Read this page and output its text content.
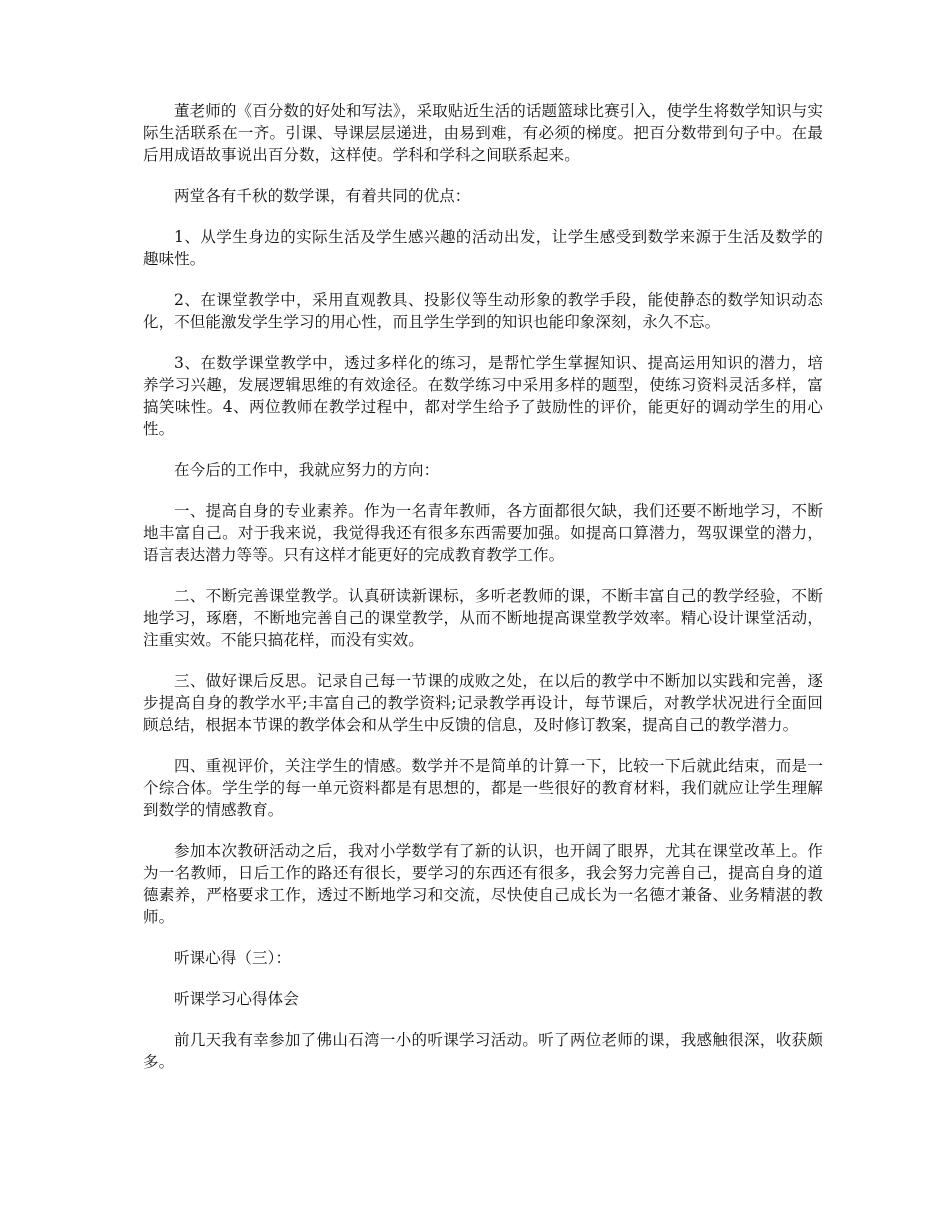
董老师的《百分数的好处和写法》，采取贴近生活的话题篮球比赛引入，使学生将数学知识与实际生活联系在一齐。引课、导课层层递进，由易到难，有必须的梯度。把百分数带到句子中。在最后用成语故事说出百分数，这样使。学科和学科之间联系起来。

两堂各有千秋的数学课，有着共同的优点：

1、从学生身边的实际生活及学生感兴趣的活动出发，让学生感受到数学来源于生活及数学的趣味性。

2、在课堂教学中，采用直观教具、投影仪等生动形象的教学手段，能使静态的数学知识动态化，不但能激发学生学习的用心性，而且学生学到的知识也能印象深刻，永久不忘。

3、在数学课堂教学中，透过多样化的练习，是帮忙学生掌握知识、提高运用知识的潜力，培养学习兴趣，发展逻辑思维的有效途径。在数学练习中采用多样的题型，使练习资料灵活多样，富搞笑味性。4、两位教师在教学过程中，都对学生给予了鼓励性的评价，能更好的调动学生的用心性。

在今后的工作中，我就应努力的方向：

一、提高自身的专业素养。作为一名青年教师，各方面都很欠缺，我们还要不断地学习，不断地丰富自己。对于我来说，我觉得我还有很多东西需要加强。如提高口算潜力，驾驭课堂的潜力，语言表达潜力等等。只有这样才能更好的完成教育教学工作。

二、不断完善课堂教学。认真研读新课标，多听老教师的课，不断丰富自己的教学经验，不断地学习，琢磨，不断地完善自己的课堂教学，从而不断地提高课堂教学效率。精心设计课堂活动，注重实效。不能只搞花样，而没有实效。

三、做好课后反思。记录自己每一节课的成败之处，在以后的教学中不断加以实践和完善，逐步提高自身的教学水平;丰富自己的教学资料;记录教学再设计，每节课后，对教学状况进行全面回顾总结，根据本节课的教学体会和从学生中反馈的信息，及时修订教案，提高自己的教学潜力。

四、重视评价，关注学生的情感。数学并不是简单的计算一下，比较一下后就此结束，而是一个综合体。学生学的每一单元资料都是有思想的，都是一些很好的教育材料，我们就应让学生理解到数学的情感教育。

参加本次教研活动之后，我对小学数学有了新的认识，也开阔了眼界，尤其在课堂改革上。作为一名教师，日后工作的路还有很长，要学习的东西还有很多，我会努力完善自己，提高自身的道德素养，严格要求工作，透过不断地学习和交流，尽快使自己成长为一名德才兼备、业务精湛的教师。

听课心得（三）：

听课学习心得体会

前几天我有幸参加了佛山石湾一小的听课学习活动。听了两位老师的课，我感触很深，收获颇多。
